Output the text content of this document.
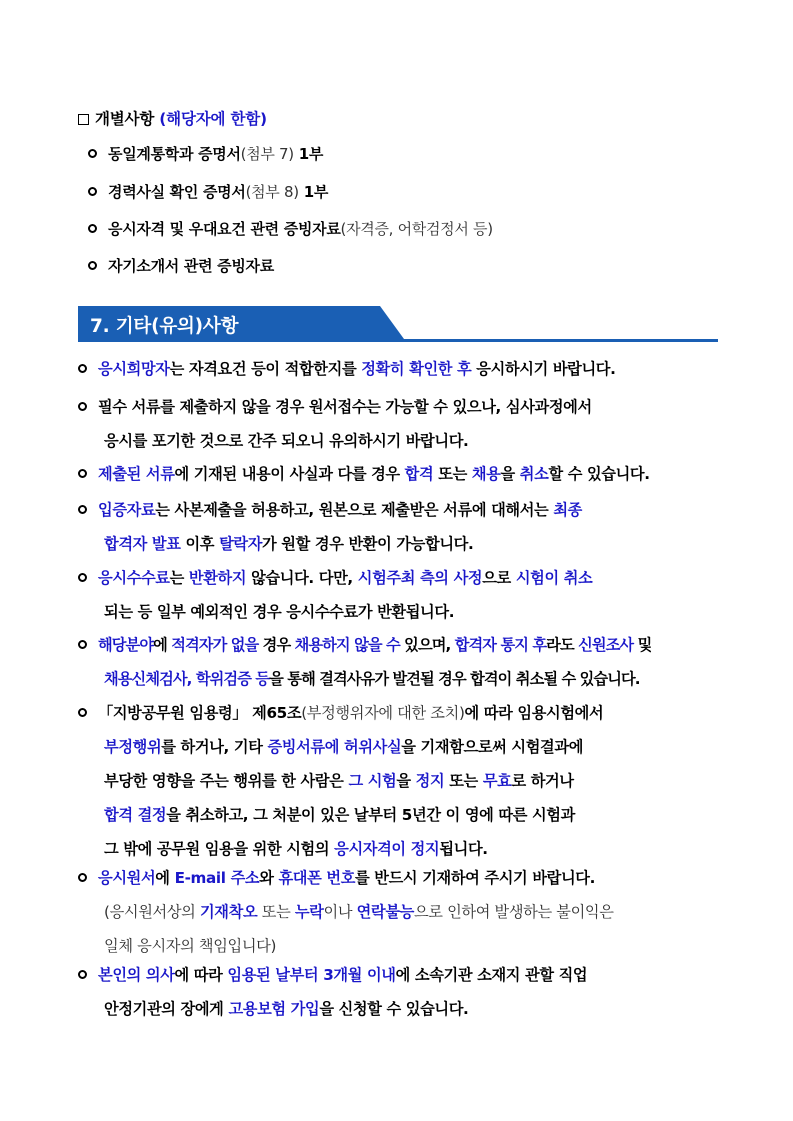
개별사항 (해당자에 한함)
동일계통학과 증명서(첨부 7) 1부
경력사실 확인 증명서(첨부 8) 1부
응시자격 및 우대요건 관련 증빙자료(자격증, 어학검정서 등)
자기소개서 관련 증빙자료
7. 기타(유의)사항
응시희망자는 자격요건 등이 적합한지를 정확히 확인한 후 응시하시기 바랍니다.
필수 서류를 제출하지 않을 경우 원서접수는 가능할 수 있으나, 심사과정에서
응시를 포기한 것으로 간주 되오니 유의하시기 바랍니다.
제출된 서류에 기재된 내용이 사실과 다를 경우 합격 또는 채용을 취소할 수 있습니다.
입증자료는 사본제출을 허용하고, 원본으로 제출받은 서류에 대해서는 최종
합격자 발표 이후 탈락자가 원할 경우 반환이 가능합니다.
응시수수료는 반환하지 않습니다. 다만, 시험주최 측의 사정으로 시험이 취소
되는 등 일부 예외적인 경우 응시수수료가 반환됩니다.
해당분야에 적격자가 없을 경우 채용하지 않을 수 있으며, 합격자 통지 후라도 신원조사 및
채용신체검사, 학위검증 등을 통해 결격사유가 발견될 경우 합격이 취소될 수 있습니다.
「지방공무원 임용령」 제65조(부정행위자에 대한 조치)에 따라 임용시험에서
부정행위를 하거나, 기타 증빙서류에 허위사실을 기재함으로써 시험결과에
부당한 영향을 주는 행위를 한 사람은 그 시험을 정지 또는 무효로 하거나
합격 결정을 취소하고, 그 처분이 있은 날부터 5년간 이 영에 따른 시험과
그 밖에 공무원 임용을 위한 시험의 응시자격이 정지됩니다.
응시원서에 E-mail 주소와 휴대폰 번호를 반드시 기재하여 주시기 바랍니다.
(응시원서상의 기재착오 또는 누락이나 연락불능으로 인하여 발생하는 불이익은
일체 응시자의 책임입니다)
본인의 의사에 따라 임용된 날부터 3개월 이내에 소속기관 소재지 관할 직업
안정기관의 장에게 고용보험 가입을 신청할 수 있습니다.
